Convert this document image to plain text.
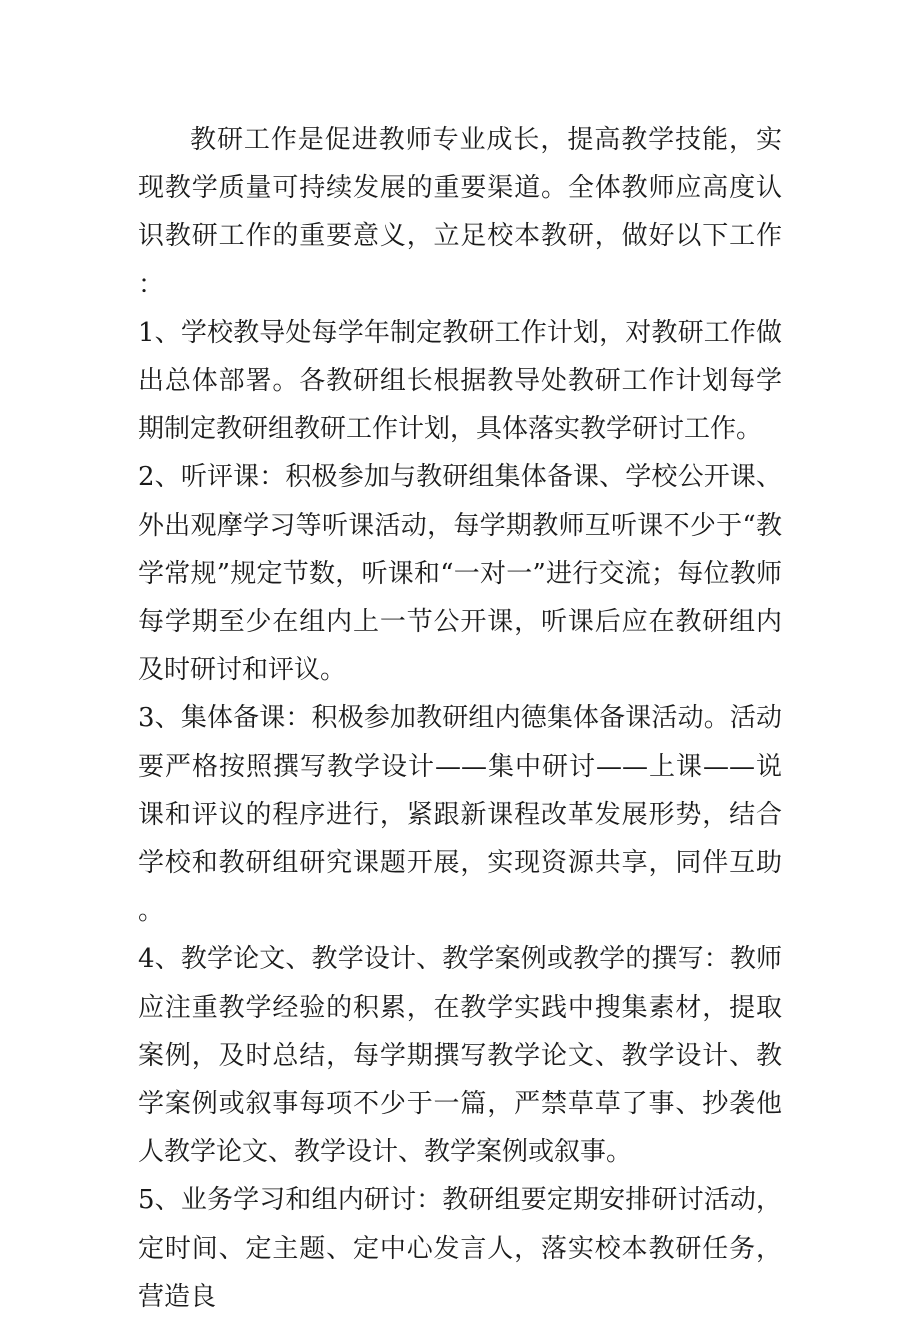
教研工作是促进教师专业成长，提高教学技能，实现教学质量可持续发展的重要渠道。全体教师应高度认识教研工作的重要意义，立足校本教研，做好以下工作：

1、学校教导处每学年制定教研工作计划，对教研工作做出总体部署。各教研组长根据教导处教研工作计划每学期制定教研组教研工作计划，具体落实教学研讨工作。

2、听评课：积极参加与教研组集体备课、学校公开课、外出观摩学习等听课活动，每学期教师互听课不少于“教学常规”规定节数，听课和“一对一”进行交流；每位教师每学期至少在组内上一节公开课，听课后应在教研组内及时研讨和评议。

3、集体备课：积极参加教研组内德集体备课活动。活动要严格按照撰写教学设计——集中研讨——上课——说课和评议的程序进行，紧跟新课程改革发展形势，结合学校和教研组研究课题开展，实现资源共享，同伴互助。

4、教学论文、教学设计、教学案例或教学的撰写：教师应注重教学经验的积累，在教学实践中搜集素材，提取案例，及时总结，每学期撰写教学论文、教学设计、教学案例或叙事每项不少于一篇，严禁草草了事、抄袭他人教学论文、教学设计、教学案例或叙事。

5、业务学习和组内研讨：教研组要定期安排研讨活动，定时间、定主题、定中心发言人，落实校本教研任务，营造良
